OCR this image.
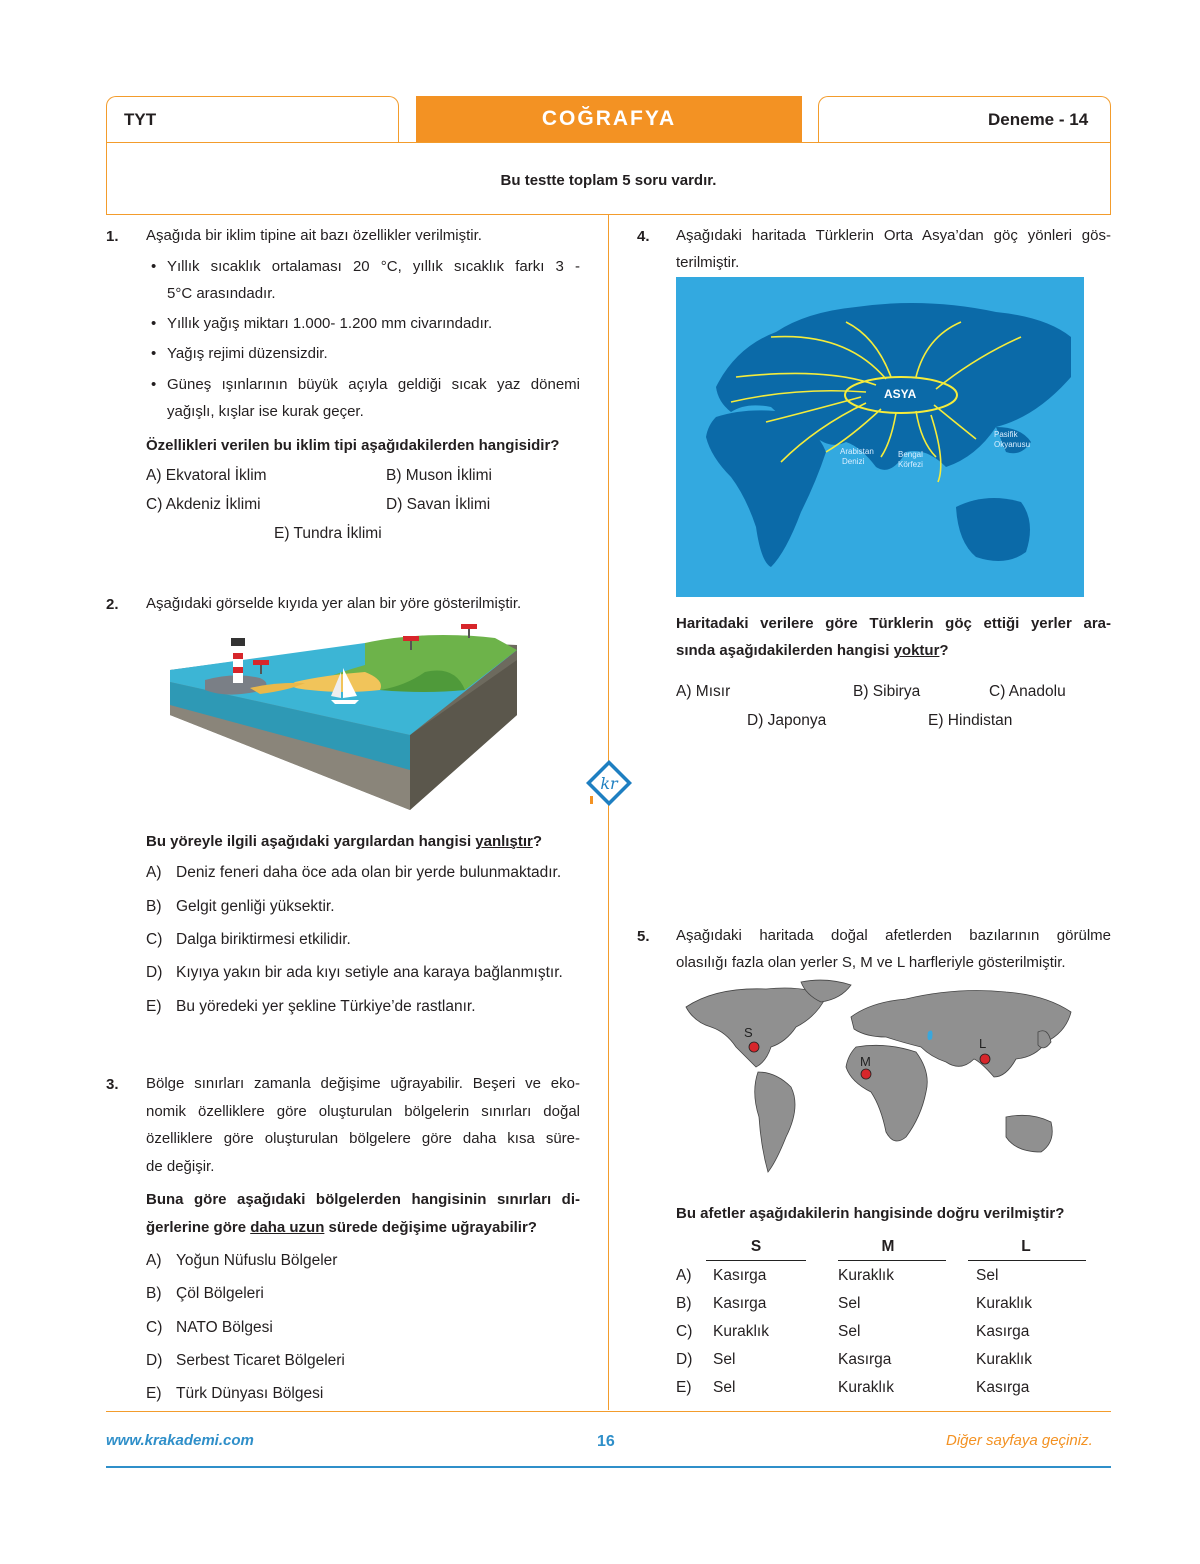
TYT	COĞRAFYA	Deneme - 14
Bu testte toplam 5 soru vardır.
1. Aşağıda bir iklim tipine ait bazı özellikler verilmiştir.
• Yıllık sıcaklık ortalaması 20 °C, yıllık sıcaklık farkı 3 -
5°C arasındadır.
• Yıllık yağış miktarı 1.000- 1.200 mm civarındadır.
• Yağış rejimi düzensizdir.
• Güneş ışınlarının büyük açıyla geldiği sıcak yaz dönemi
yağışlı, kışlar ise kurak geçer.
Özellikleri verilen bu iklim tipi aşağıdakilerden hangisidir?
A) Ekvatoral İklim	B) Muson İklimi
C) Akdeniz İklimi	D) Savan İklimi
E) Tundra İklimi
2. Aşağıdaki görselde kıyıda yer alan bir yöre gösterilmiştir.
Bu yöreyle ilgili aşağıdaki yargılardan hangisi yanlıştır?
A) Deniz feneri daha öce ada olan bir yerde bulunmaktadır.
B) Gelgit genliği yüksektir.
C) Dalga biriktirmesi etkilidir.
D) Kıyıya yakın bir ada kıyı setiyle ana karaya bağlanmıştır.
E) Bu yöredeki yer şekline Türkiye’de rastlanır.
3. Bölge sınırları zamanla değişime uğrayabilir. Beşeri ve eko-
nomik özelliklere göre oluşturulan bölgelerin sınırları doğal
özelliklere göre oluşturulan bölgelere göre daha kısa süre-
de değişir.
Buna göre aşağıdaki bölgelerden hangisinin sınırları di-
ğerlerine göre daha uzun sürede değişime uğrayabilir?
A) Yoğun Nüfuslu Bölgeler
B) Çöl Bölgeleri
C) NATO Bölgesi
D) Serbest Ticaret Bölgeleri
E) Türk Dünyası Bölgesi
kr
4. Aşağıdaki haritada Türklerin Orta Asya’dan göç yönleri gös-
terilmiştir.
ASYA
Arabistan
Denizi
Bengal
Körfezi
Pasifik
Okyanusu
Haritadaki verilere göre Türklerin göç ettiği yerler ara-
sında aşağıdakilerden hangisi yoktur?
A) Mısır	B) Sibirya	C) Anadolu
D) Japonya	E) Hindistan
5. Aşağıdaki haritada doğal afetlerden bazılarının görülme
olasılığı fazla olan yerler S, M ve L harfleriyle gösterilmiştir.
S
M
L
Bu afetler aşağıdakilerin hangisinde doğru verilmiştir?
S	M	L
A) Kasırga	Kuraklık	Sel
B) Kasırga	Sel	Kuraklık
C) Kuraklık	Sel	Kasırga
D) Sel	Kasırga	Kuraklık
E) Sel	Kuraklık	Kasırga
www.krakademi.com	16	Diğer sayfaya geçiniz.
